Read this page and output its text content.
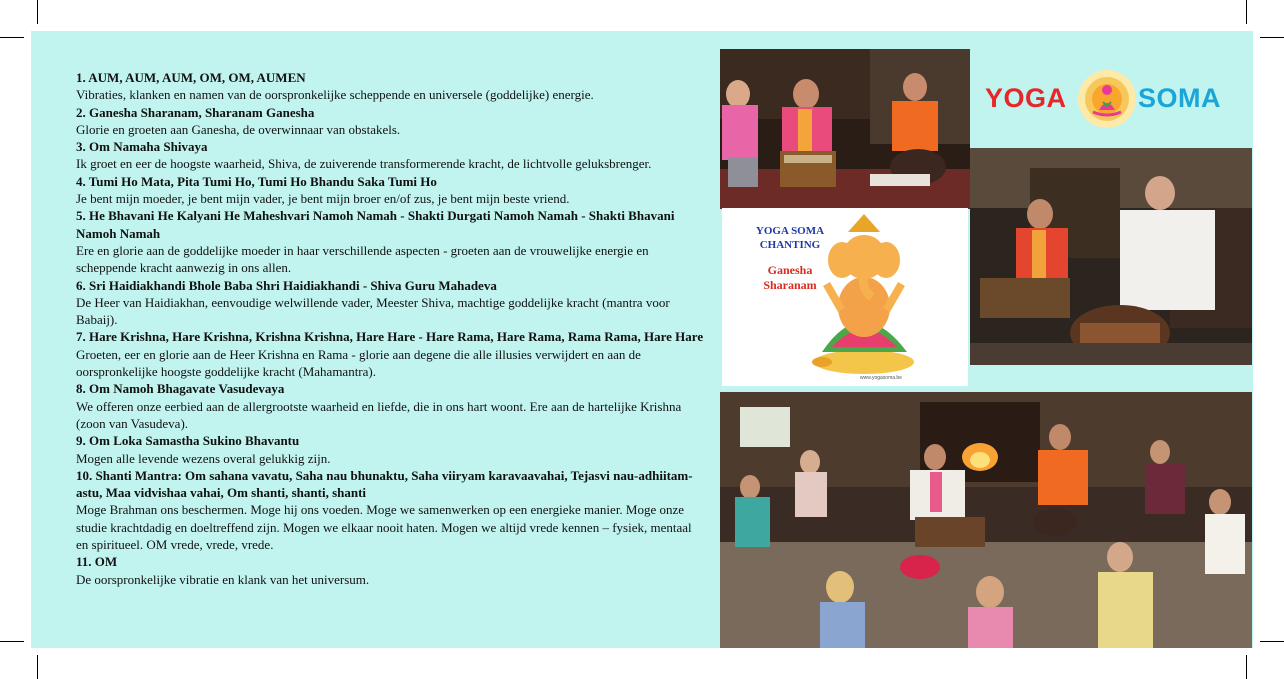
1. AUM, AUM, AUM, OM, OM, AUMEN
Vibraties, klanken en namen van de oorspronkelijke scheppende en universele (goddelijke) energie.
2. Ganesha Sharanam, Sharanam Ganesha
Glorie en groeten aan Ganesha, de overwinnaar van obstakels.
3. Om Namaha Shivaya
Ik groet en eer de hoogste waarheid, Shiva, de zuiverende transformerende kracht, de lichtvolle geluksbrenger.
4. Tumi Ho Mata, Pita Tumi Ho, Tumi Ho Bhandu Saka Tumi Ho
Je bent mijn moeder, je bent mijn vader, je bent mijn broer en/of zus, je bent mijn beste vriend.
5. He Bhavani He Kalyani He Maheshvari Namoh Namah - Shakti Durgati Namoh Namah - Shakti Bhavani Namoh Namah
Ere en glorie aan de goddelijke moeder in haar verschillende aspecten - groeten aan de vrouwelijke energie en scheppende kracht aanwezig in ons allen.
6. Sri Haidiakhandi Bhole Baba Shri Haidiakhandi - Shiva Guru Mahadeva
De Heer van Haidiakhan, eenvoudige welwillende vader, Meester Shiva, machtige goddelijke kracht (mantra voor Babaij).
7. Hare Krishna, Hare Krishna, Krishna Krishna, Hare Hare - Hare Rama, Hare Rama, Rama Rama, Hare Hare
Groeten, eer en glorie aan de Heer Krishna en Rama - glorie aan degene die alle illusies verwijdert en aan de oorspronkelijke hoogste goddelijke kracht (Mahamantra).
8. Om Namoh Bhagavate Vasudevaya
We offeren onze eerbied aan de allergrootste waarheid en liefde, die in ons hart woont. Ere aan de hartelijke Krishna (zoon van Vasudeva).
9. Om Loka Samastha Sukino Bhavantu
Mogen alle levende wezens overal gelukkig zijn.
10. Shanti Mantra: Om sahana vavatu, Saha nau bhunaktu, Saha viiryam karavaavahai, Tejasvi nau-adhiitam-astu, Maa vidvishaa vahai, Om shanti, shanti, shanti
Moge Brahman ons beschermen. Moge hij ons voeden. Moge we samenwerken op een energieke manier. Moge onze studie krachtdadig en doeltreffend zijn. Mogen we elkaar nooit haten. Mogen we altijd vrede kennen – fysiek, mentaal en spiritueel. OM vrede, vrede, vrede.
11. OM
De oorspronkelijke vibratie en klank van het universum.
YOGA	SOMA
YOGA SOMA
CHANTING
Ganesha
Sharanam
www.yogasoma.be
